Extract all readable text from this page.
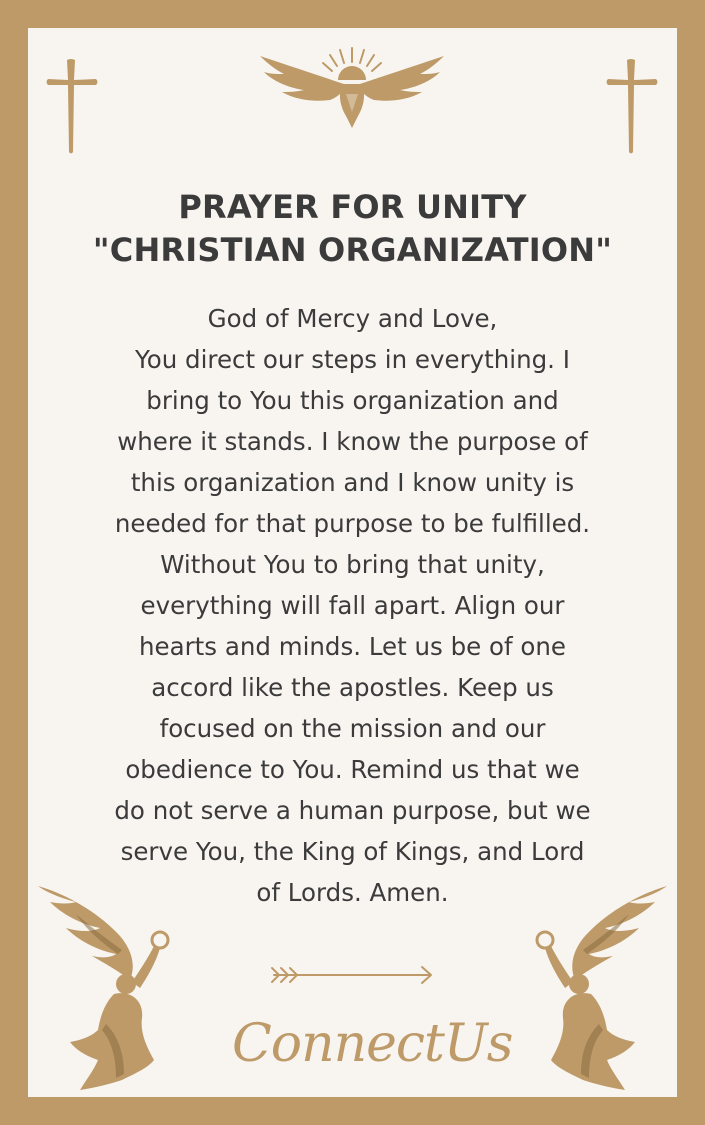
PRAYER FOR UNITY
"CHRISTIAN ORGANIZATION"
God of Mercy and Love,
You direct our steps in everything. I
bring to You this organization and
where it stands. I know the purpose of
this organization and I know unity is
needed for that purpose to be fulfilled.
Without You to bring that unity,
everything will fall apart. Align our
hearts and minds. Let us be of one
accord like the apostles. Keep us
focused on the mission and our
obedience to You. Remind us that we
do not serve a human purpose, but we
serve You, the King of Kings, and Lord
of Lords. Amen.
ConnectUs
